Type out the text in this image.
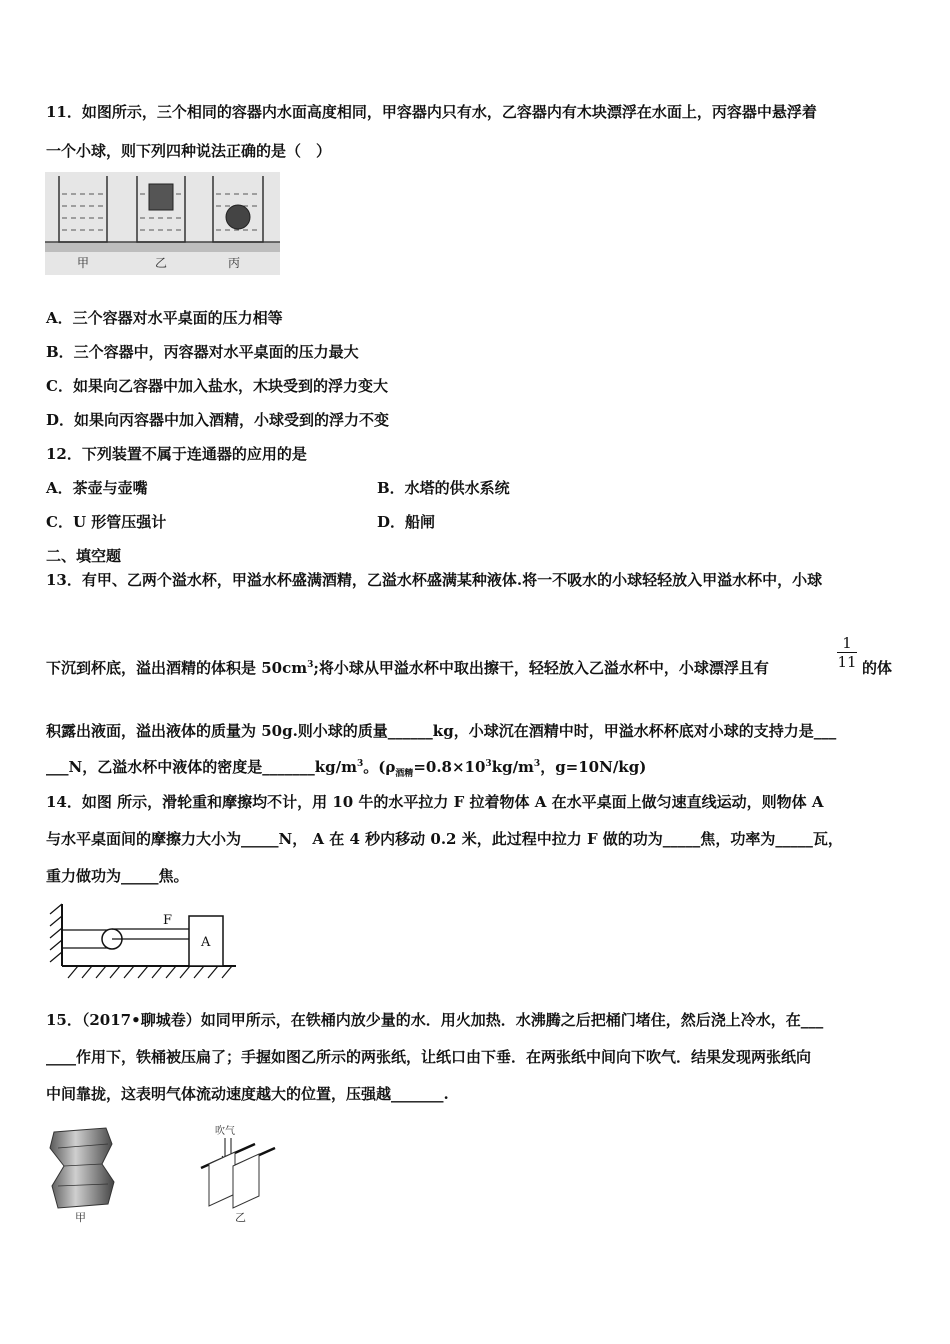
11．如图所示，三个相同的容器内水面高度相同，甲容器内只有水，乙容器内有木块漂浮在水面上，丙容器中悬浮着
一个小球，则下列四种说法正确的是（　）
甲	乙	丙
A．三个容器对水平桌面的压力相等
B．三个容器中，丙容器对水平桌面的压力最大
C．如果向乙容器中加入盐水，木块受到的浮力变大
D．如果向丙容器中加入酒精，小球受到的浮力不变
12．下列装置不属于连通器的应用的是
A．茶壶与壶嘴	B．水塔的供水系统
C．U 形管压强计	D．船闸
二、填空题
13．有甲、乙两个溢水杯，甲溢水杯盛满酒精，乙溢水杯盛满某种液体.将一不吸水的小球轻轻放入甲溢水杯中，小球
下沉到杯底，溢出酒精的体积是 $50cm^3$;将小球从甲溢水杯中取出擦干，轻轻放入乙溢水杯中，小球漂浮且有
1
11 的体
积露出液面，溢出液体的质量为 50g.则小球的质量______kg，小球沉在酒精中时，甲溢水杯杯底对小球的支持力是___
___N，乙溢水杯中液体的密度是$\_\_\_\_\_\_\_kg/m^3$。($\rho_{酒精}=0.8\times 10^3kg/m^3$，g=10N/kg)
14．如图 所示，滑轮重和摩擦均不计，用 10 牛的水平拉力 F 拉着物体 A 在水平桌面上做匀速直线运动，则物体 A
与水平桌面间的摩擦力大小为_____N， A 在 4 秒内移动 0.2 米，此过程中拉力 F 做的功为_____焦，功率为_____瓦，
重力做功为_____焦。
F
A
15．（2017•聊城卷）如同甲所示，在铁桶内放少量的水．用火加热．水沸腾之后把桶门堵住，然后浇上冷水，在___
____作用下，铁桶被压扁了；手握如图乙所示的两张纸，让纸口由下垂．在两张纸中间向下吹气．结果发现两张纸向
中间靠拢，这表明气体流动速度越大的位置，压强越_______.
甲
吹气
乙
